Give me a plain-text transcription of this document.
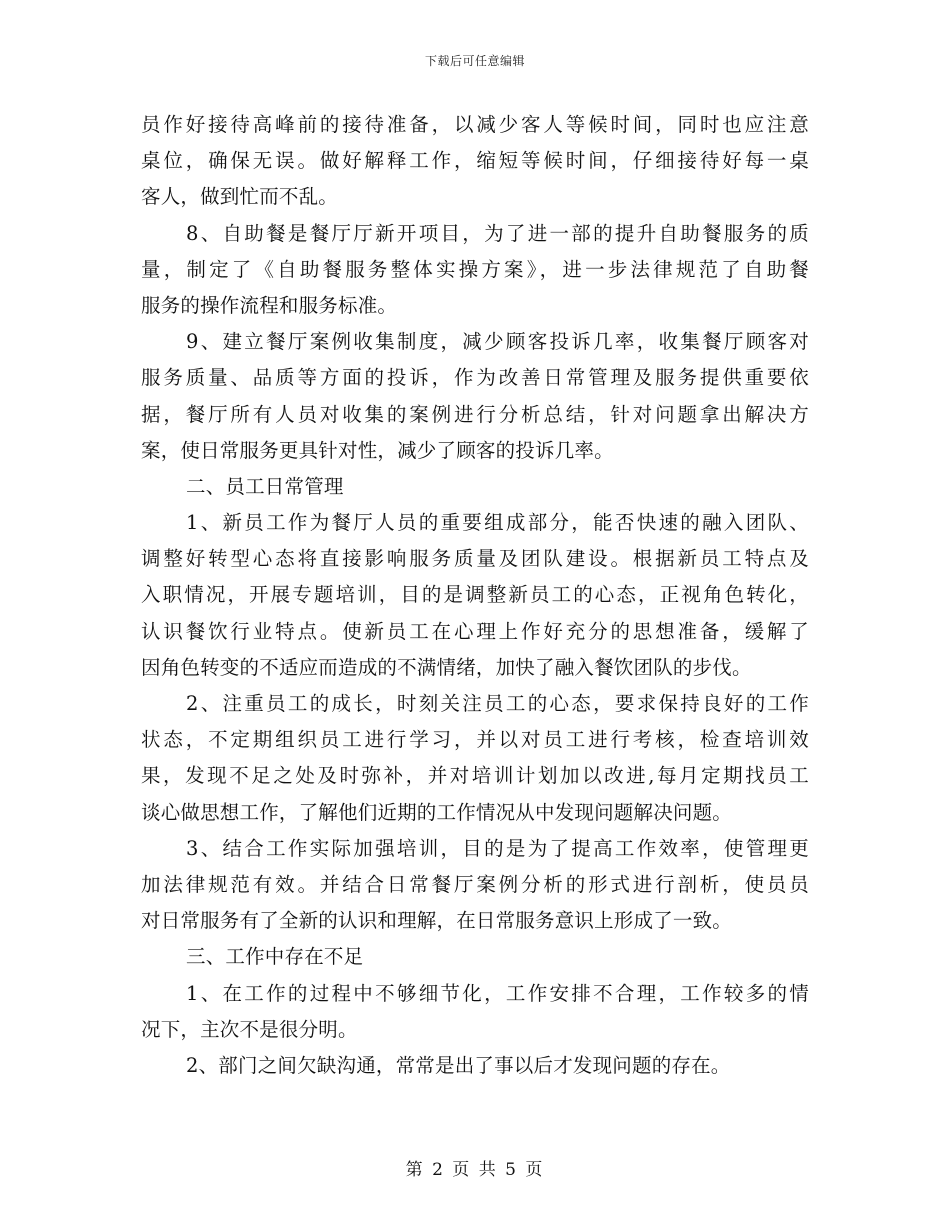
下载后可任意编辑
员作好接待高峰前的接待准备，以减少客人等候时间，同时也应注意
桌位，确保无误。做好解释工作，缩短等候时间，仔细接待好每一桌
客人，做到忙而不乱。
8、自助餐是餐厅厅新开项目，为了进一部的提升自助餐服务的质
量，制定了《自助餐服务整体实操方案》，进一步法律规范了自助餐
服务的操作流程和服务标准。
9、建立餐厅案例收集制度，减少顾客投诉几率，收集餐厅顾客对
服务质量、品质等方面的投诉，作为改善日常管理及服务提供重要依
据，餐厅所有人员对收集的案例进行分析总结，针对问题拿出解决方
案，使日常服务更具针对性，减少了顾客的投诉几率。
二、员工日常管理
1、新员工作为餐厅人员的重要组成部分，能否快速的融入团队、
调整好转型心态将直接影响服务质量及团队建设。根据新员工特点及
入职情况，开展专题培训，目的是调整新员工的心态，正视角色转化，
认识餐饮行业特点。使新员工在心理上作好充分的思想准备，缓解了
因角色转变的不适应而造成的不满情绪，加快了融入餐饮团队的步伐。
2、注重员工的成长，时刻关注员工的心态，要求保持良好的工作
状态，不定期组织员工进行学习，并以对员工进行考核，检查培训效
果，发现不足之处及时弥补，并对培训计划加以改进,每月定期找员工
谈心做思想工作，了解他们近期的工作情况从中发现问题解决问题。
3、结合工作实际加强培训，目的是为了提高工作效率，使管理更
加法律规范有效。并结合日常餐厅案例分析的形式进行剖析，使员员
对日常服务有了全新的认识和理解，在日常服务意识上形成了一致。
三、工作中存在不足
1、在工作的过程中不够细节化，工作安排不合理，工作较多的情
况下，主次不是很分明。
2、部门之间欠缺沟通，常常是出了事以后才发现问题的存在。
第 2 页 共 5 页
